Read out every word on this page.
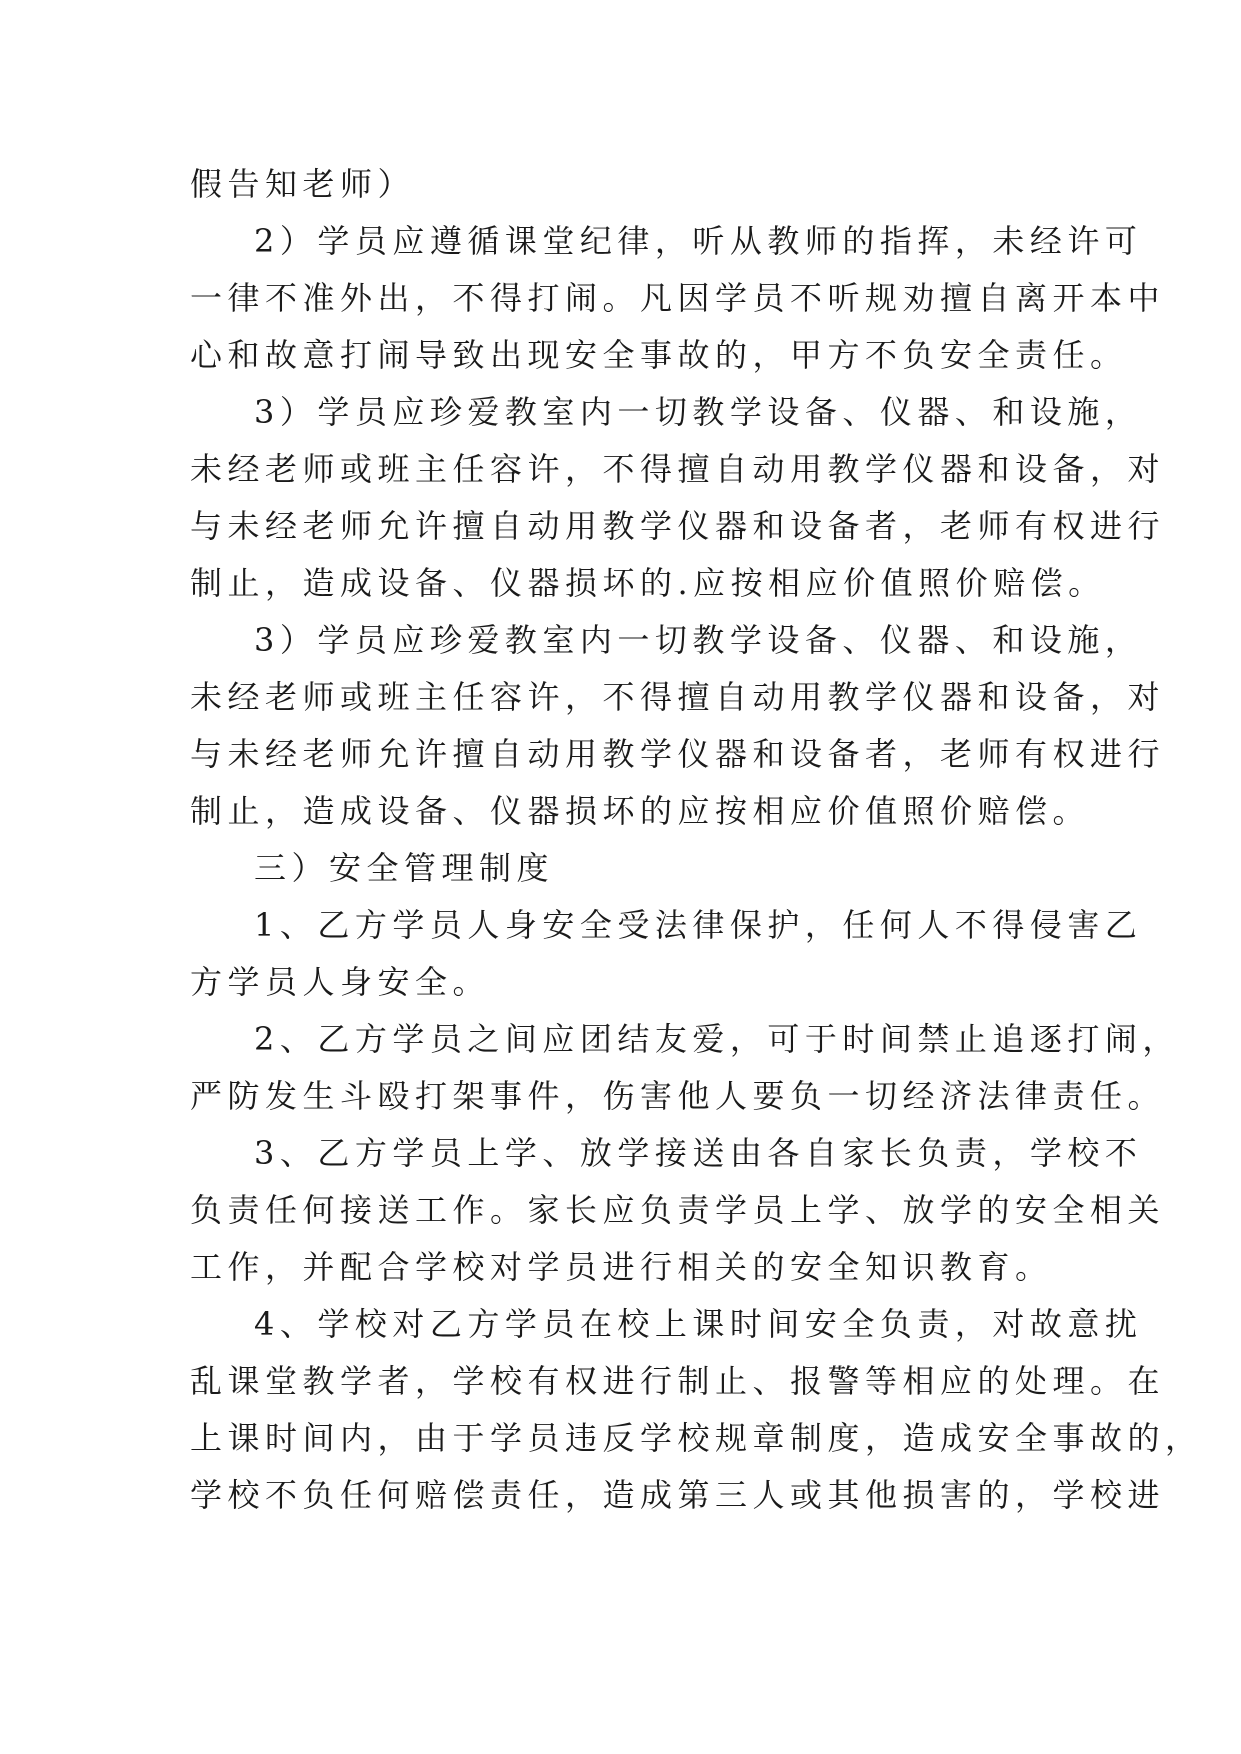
假告知老师）
2）学员应遵循课堂纪律，听从教师的指挥，未经许可
一律不准外出，不得打闹。凡因学员不听规劝擅自离开本中
心和故意打闹导致出现安全事故的，甲方不负安全责任。
3）学员应珍爱教室内一切教学设备、仪器、和设施，
未经老师或班主任容许，不得擅自动用教学仪器和设备，对
与未经老师允许擅自动用教学仪器和设备者，老师有权进行
制止，造成设备、仪器损坏的.应按相应价值照价赔偿。
3）学员应珍爱教室内一切教学设备、仪器、和设施，
未经老师或班主任容许，不得擅自动用教学仪器和设备，对
与未经老师允许擅自动用教学仪器和设备者，老师有权进行
制止，造成设备、仪器损坏的应按相应价值照价赔偿。
三）安全管理制度
1、乙方学员人身安全受法律保护，任何人不得侵害乙
方学员人身安全。
2、乙方学员之间应团结友爱，可于时间禁止追逐打闹，
严防发生斗殴打架事件，伤害他人要负一切经济法律责任。
3、乙方学员上学、放学接送由各自家长负责，学校不
负责任何接送工作。家长应负责学员上学、放学的安全相关
工作，并配合学校对学员进行相关的安全知识教育。
4、学校对乙方学员在校上课时间安全负责，对故意扰
乱课堂教学者，学校有权进行制止、报警等相应的处理。在
上课时间内，由于学员违反学校规章制度，造成安全事故的，
学校不负任何赔偿责任，造成第三人或其他损害的，学校进
